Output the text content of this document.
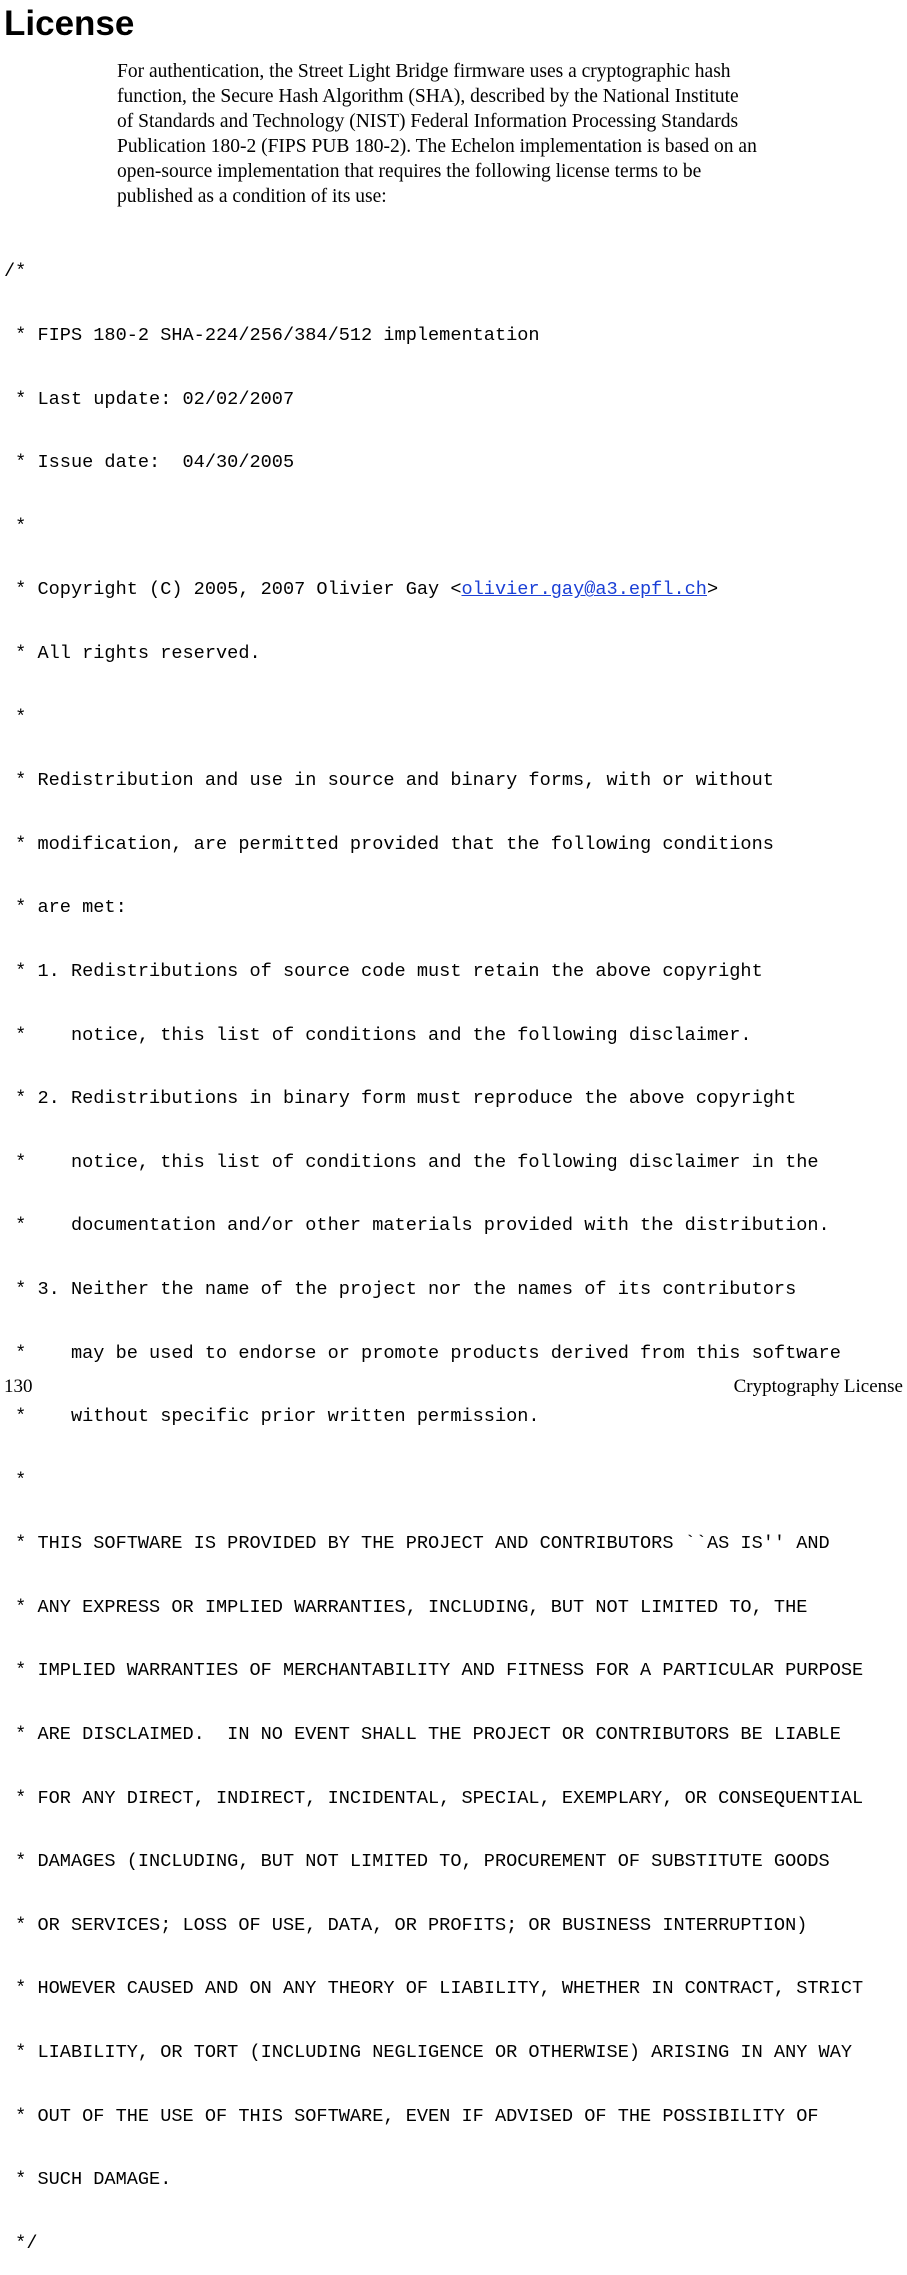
License

For authentication, the Street Light Bridge firmware uses a cryptographic hash
function, the Secure Hash Algorithm (SHA), described by the National Institute
of Standards and Technology (NIST) Federal Information Processing Standards
Publication 180-2 (FIPS PUB 180-2). The Echelon implementation is based on an
open-source implementation that requires the following license terms to be
published as a condition of its use:

/*

* FIPS 180-2 SHA-224/256/384/512 implementation

* Last update: 02/02/2007

* Issue date:  04/30/2005

*

* Copyright (C) 2005, 2007 Olivier Gay <olivier.gay@a3.epfl.ch>

* All rights reserved.

*

* Redistribution and use in source and binary forms, with or without

* modification, are permitted provided that the following conditions

* are met:

* 1. Redistributions of source code must retain the above copyright

*    notice, this list of conditions and the following disclaimer.

* 2. Redistributions in binary form must reproduce the above copyright

*    notice, this list of conditions and the following disclaimer in the

*    documentation and/or other materials provided with the distribution.

* 3. Neither the name of the project nor the names of its contributors

*    may be used to endorse or promote products derived from this software

*    without specific prior written permission.

*

* THIS SOFTWARE IS PROVIDED BY THE PROJECT AND CONTRIBUTORS ``AS IS'' AND

* ANY EXPRESS OR IMPLIED WARRANTIES, INCLUDING, BUT NOT LIMITED TO, THE

* IMPLIED WARRANTIES OF MERCHANTABILITY AND FITNESS FOR A PARTICULAR PURPOSE

* ARE DISCLAIMED.  IN NO EVENT SHALL THE PROJECT OR CONTRIBUTORS BE LIABLE

* FOR ANY DIRECT, INDIRECT, INCIDENTAL, SPECIAL, EXEMPLARY, OR CONSEQUENTIAL

* DAMAGES (INCLUDING, BUT NOT LIMITED TO, PROCUREMENT OF SUBSTITUTE GOODS

* OR SERVICES; LOSS OF USE, DATA, OR PROFITS; OR BUSINESS INTERRUPTION)

* HOWEVER CAUSED AND ON ANY THEORY OF LIABILITY, WHETHER IN CONTRACT, STRICT

* LIABILITY, OR TORT (INCLUDING NEGLIGENCE OR OTHERWISE) ARISING IN ANY WAY

* OUT OF THE USE OF THIS SOFTWARE, EVEN IF ADVISED OF THE POSSIBILITY OF

* SUCH DAMAGE.

*/

130	Cryptography License
